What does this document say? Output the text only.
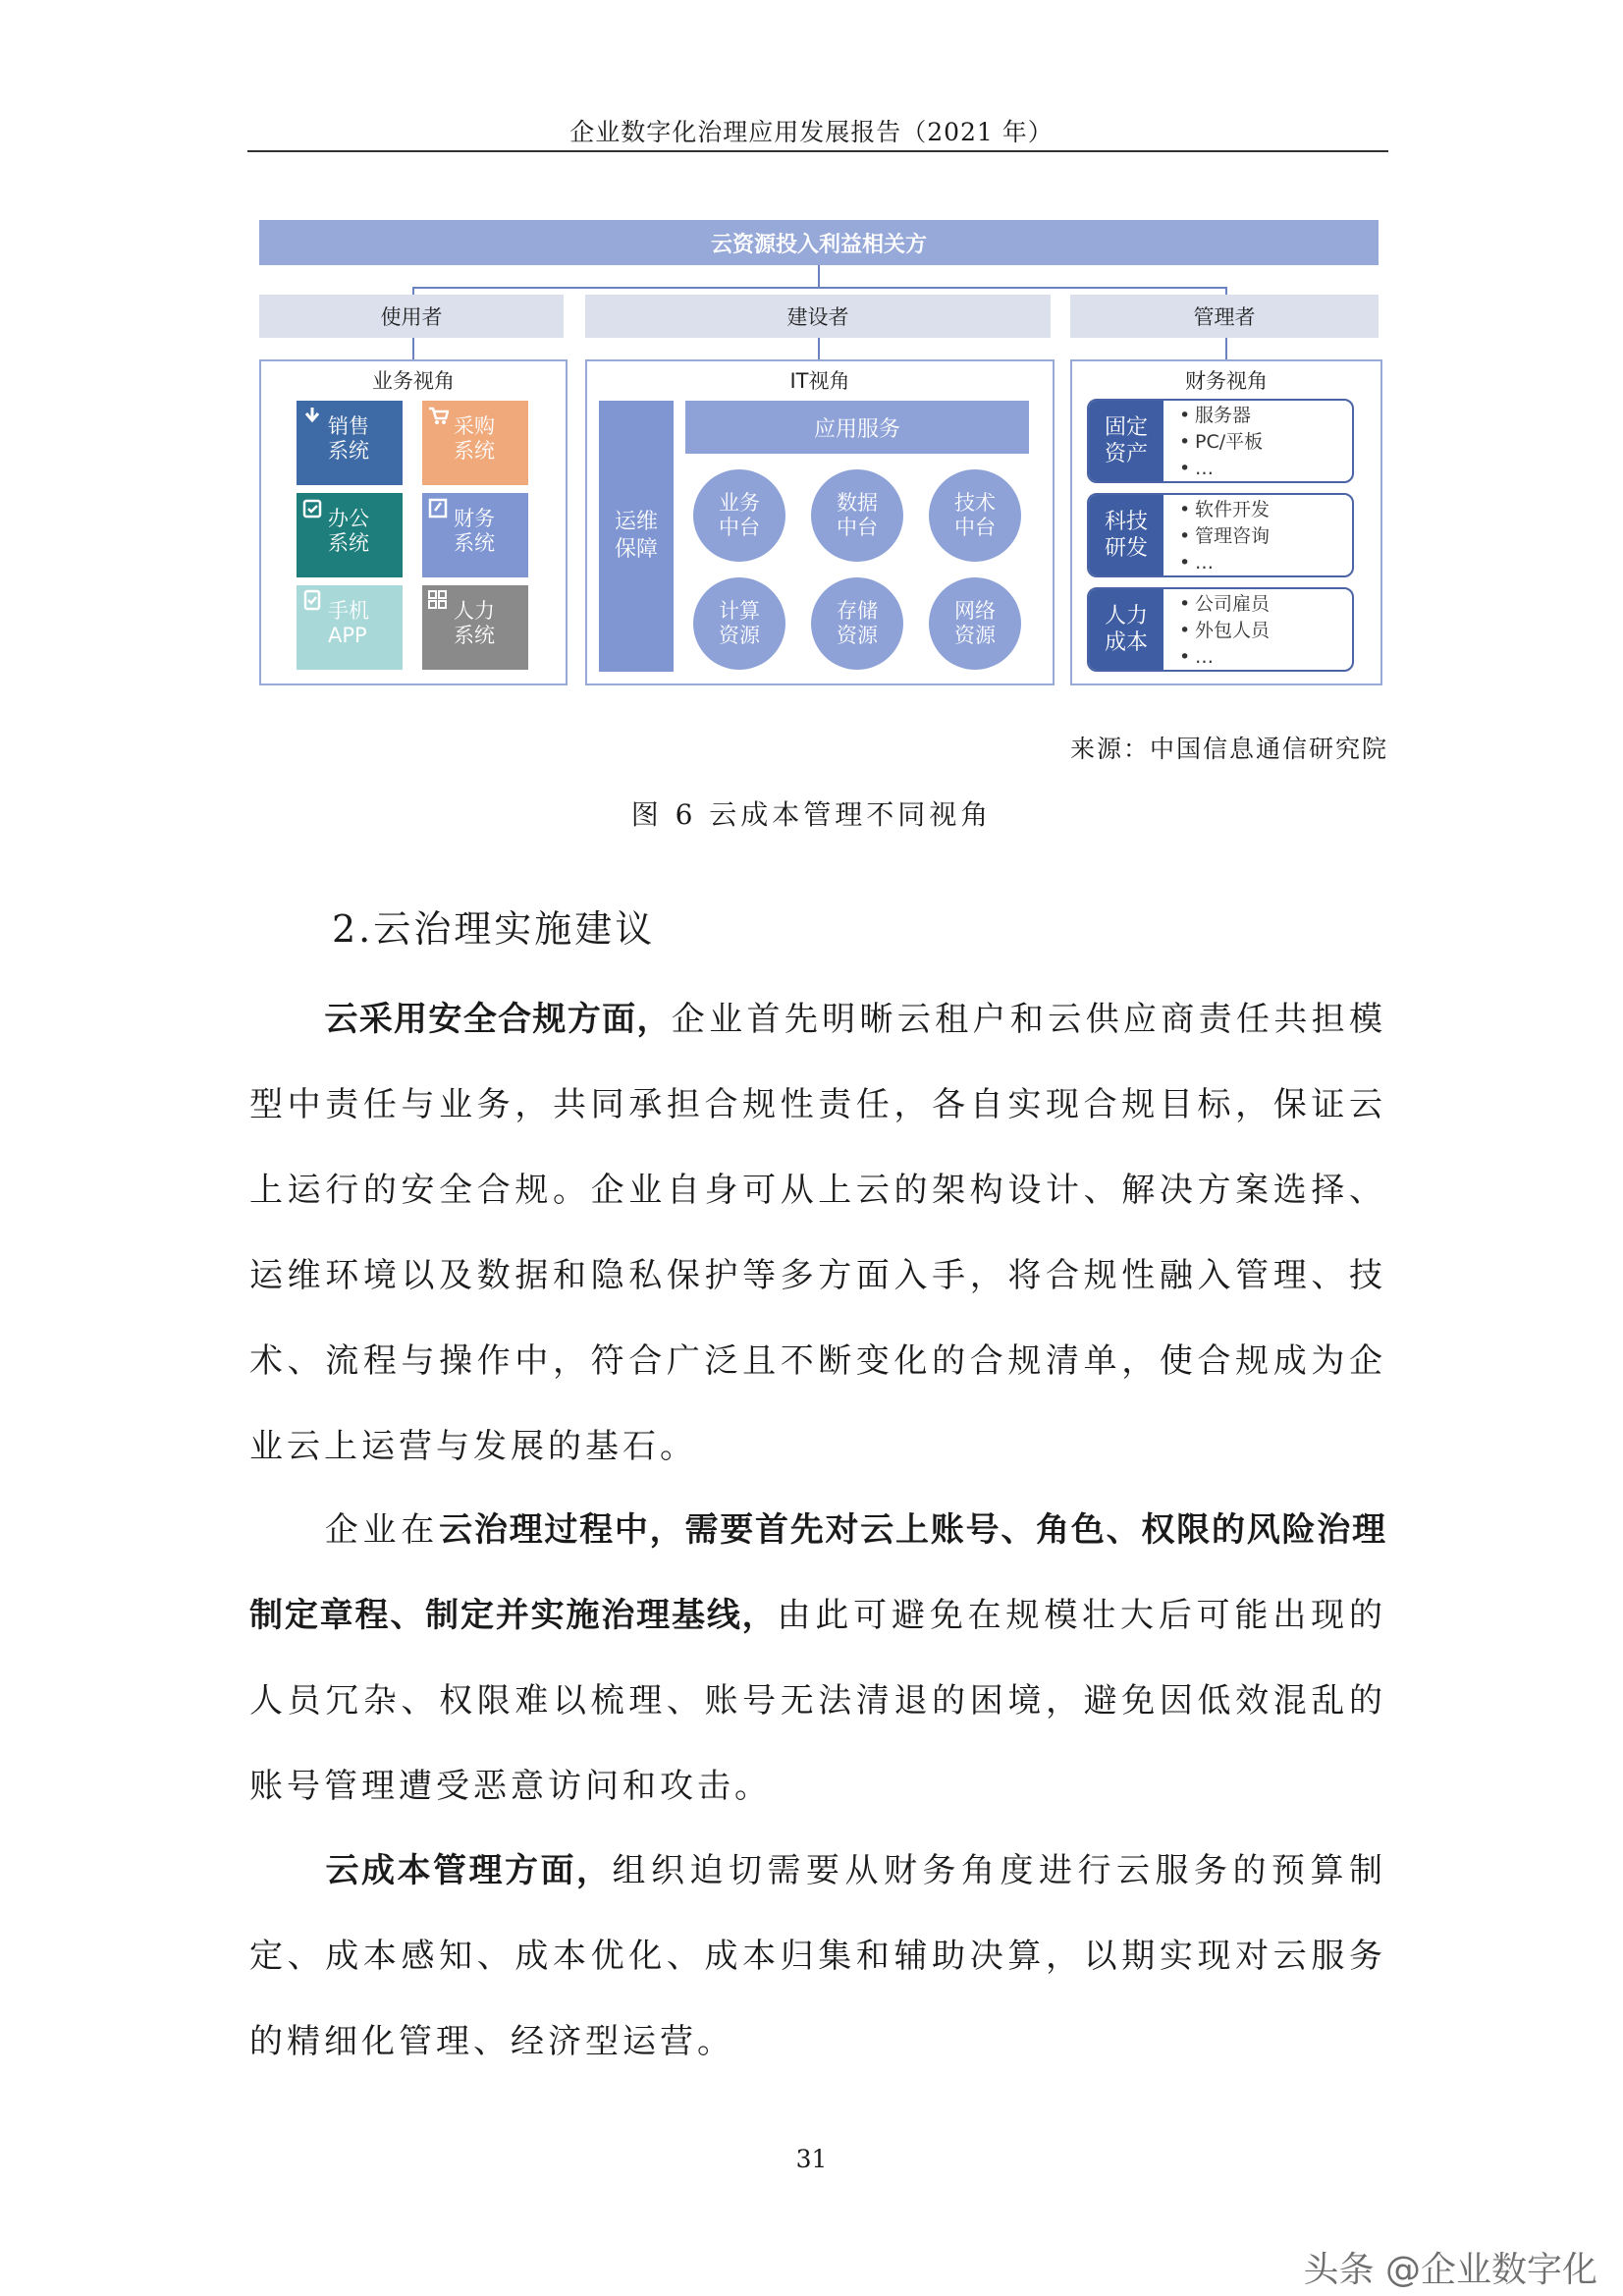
企业数字化治理应用发展报告（2021 年）
云资源投入利益相关方
使用者	建设者	管理者
业务视角
销售
系统
采购
系统
办公
系统
财务
系统
手机
APP
人力
系统
IT视角
运维保障
应用服务
业务
中台
数据
中台
技术
中台
计算
资源
存储
资源
网络
资源
财务视角
固定
资产
• 服务器
• PC/平板
• …
科技
研发
• 软件开发
• 管理咨询
• …
人力
成本
• 公司雇员
• 外包人员
• …
来源：中国信息通信研究院
图 6 云成本管理不同视角
2.云治理实施建议
云采用安全合规方面，企业首先明晰云租户和云供应商责任共担模型中责任与业务，共同承担合规性责任，各自实现合规目标，保证云上运行的安全合规。企业自身可从上云的架构设计、解决方案选择、运维环境以及数据和隐私保护等多方面入手，将合规性融入管理、技术、流程与操作中，符合广泛且不断变化的合规清单，使合规成为企业云上运营与发展的基石。
企业在云治理过程中，需要首先对云上账号、角色、权限的风险治理制定章程、制定并实施治理基线，由此可避免在规模壮大后可能出现的人员冗杂、权限难以梳理、账号无法清退的困境，避免因低效混乱的账号管理遭受恶意访问和攻击。
云成本管理方面，组织迫切需要从财务角度进行云服务的预算制定、成本感知、成本优化、成本归集和辅助决算，以期实现对云服务的精细化管理、经济型运营。
31
头条 @企业数字化
